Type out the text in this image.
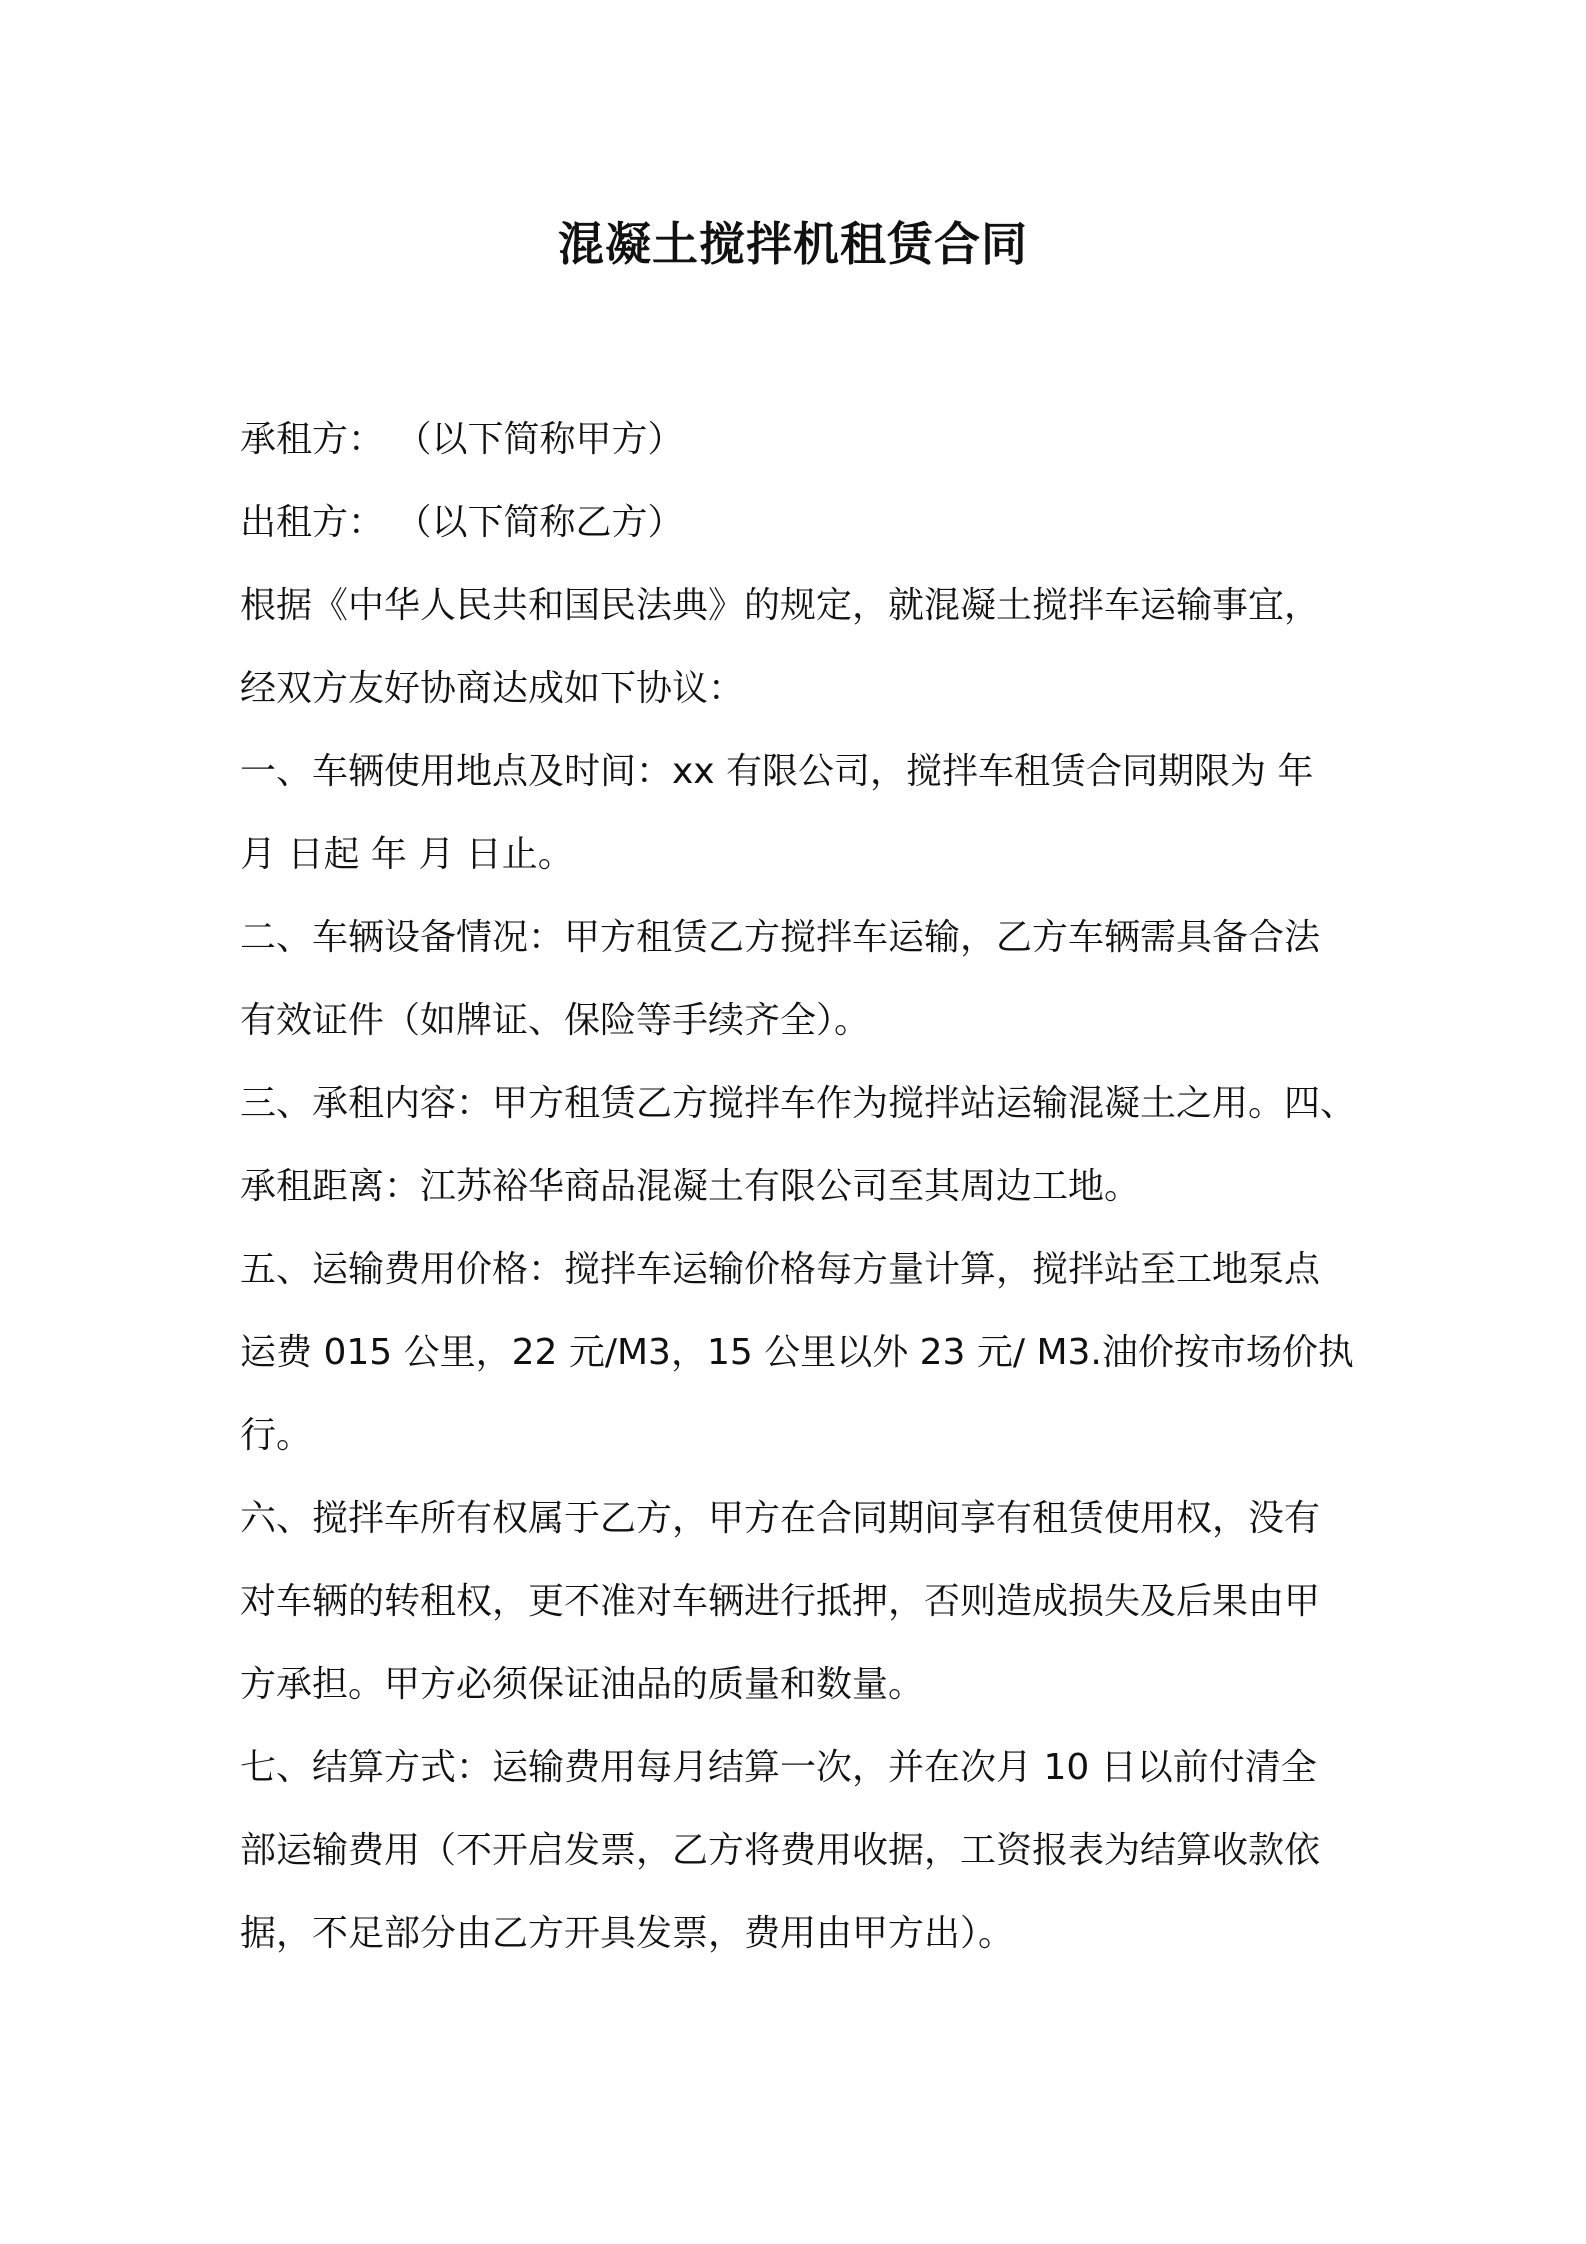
混凝土搅拌机租赁合同

承租方： （以下简称甲方）

出租方： （以下简称乙方）

根据《中华人民共和国民法典》的规定，就混凝土搅拌车运输事宜，

经双方友好协商达成如下协议：

一、车辆使用地点及时间：xx 有限公司，搅拌车租赁合同期限为 年

月 日起 年 月 日止。

二、车辆设备情况：甲方租赁乙方搅拌车运输，乙方车辆需具备合法

有效证件（如牌证、保险等手续齐全）。

三、承租内容：甲方租赁乙方搅拌车作为搅拌站运输混凝土之用。四、

承租距离：江苏裕华商品混凝土有限公司至其周边工地。

五、运输费用价格：搅拌车运输价格每方量计算，搅拌站至工地泵点

运费 015 公里，22 元/M3，15 公里以外 23 元/ M3.油价按市场价执

行。

六、搅拌车所有权属于乙方，甲方在合同期间享有租赁使用权，没有

对车辆的转租权，更不准对车辆进行抵押，否则造成损失及后果由甲

方承担。甲方必须保证油品的质量和数量。

七、结算方式：运输费用每月结算一次，并在次月 10 日以前付清全

部运输费用（不开启发票，乙方将费用收据，工资报表为结算收款依

据，不足部分由乙方开具发票，费用由甲方出）。
